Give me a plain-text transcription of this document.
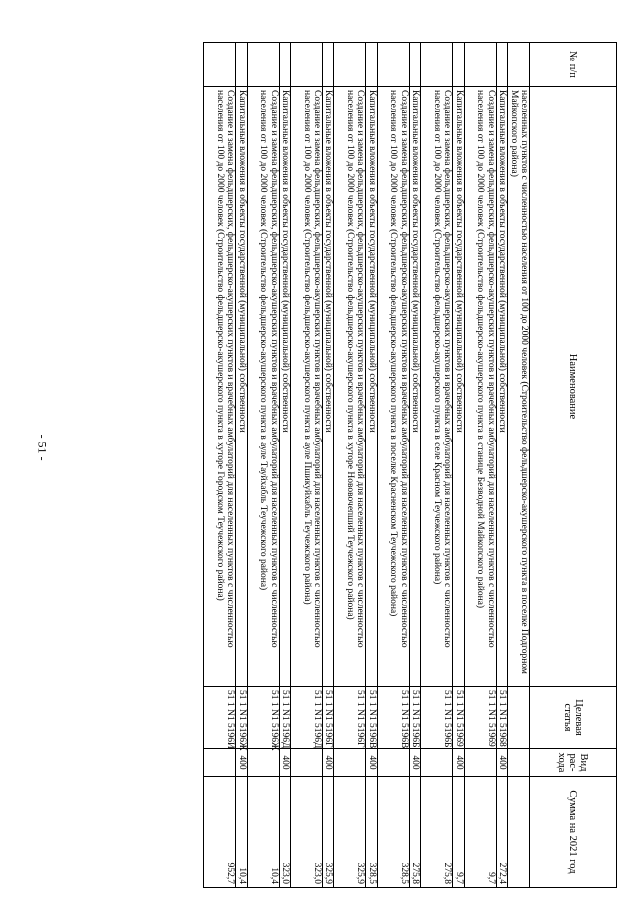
- 51 -
№ п/п	Наименование	Целевая статья	Вид рас- хода	Сумма на 2021 год
	населенных пунктов с численностью населения от 100 до 2000 человек (Строительство фельдшерско-акушерского пункта в поселке Подгорном Майкопского района)			
	Капитальные вложения в объекты государственной (муниципальной) собственности	51 1 N1 51968	400	272,4
	Создание и замена фельдшерских, фельдшерско-акушерских пунктов и врачебных амбулаторий для населенных пунктов с численностью населения от 100 до 2000 человек (Строительство фельдшерско-акушерского пункта в станице Безводной Майкопского района)	51 1 N1 51969		9,7
	Капитальные вложения в объекты государственной (муниципальной) собственности	51 1 N1 51969	400	9,7
	Создание и замена фельдшерских, фельдшерско-акушерских пунктов и врачебных амбулаторий для населенных пунктов с численностью населения от 100 до 2000 человек (Строительство фельдшерско-акушерского пункта в селе Красном Теучежского района)	51 1 N1 5196Б		275,8
	Капитальные вложения в объекты государственной (муниципальной) собственности	51 1 N1 5196Б	400	275,8
	Создание и замена фельдшерских, фельдшерско-акушерских пунктов и врачебных амбулаторий для населенных пунктов с численностью населения от 100 до 2000 человек (Строительство фельдшерско-акушерского пункта в поселке Красненском Теучежского района)	51 1 N1 5196В		328,5
	Капитальные вложения в объекты государственной (муниципальной) собственности	51 1 N1 5196В	400	328,5
	Создание и замена фельдшерских, фельдшерско-акушерских пунктов и врачебных амбулаторий для населенных пунктов с численностью населения от 100 до 2000 человек (Строительство фельдшерско-акушерского пункта в хуторе Нововочепший Теучежского района)	51 1 N1 5196Г		325,9
	Капитальные вложения в объекты государственной (муниципальной) собственности	51 1 N1 5196Г	400	325,9
	Создание и замена фельдшерских, фельдшерско-акушерских пунктов и врачебных амбулаторий для населенных пунктов с численностью населения от 100 до 2000 человек (Строительство фельдшерско-акушерского пункта в ауле Пшикуйхабль Теучежского района)	51 1 N1 5196Д		323,0
	Капитальные вложения в объекты государственной (муниципальной) собственности	51 1 N1 5196Д	400	323,0
	Создание и замена фельдшерских, фельдшерско-акушерских пунктов и врачебных амбулаторий для населенных пунктов с численностью населения от 100 до 2000 человек (Строительство фельдшерско-акушерского пункта в ауле Тауйхабль Теучежского района)	51 1 N1 5196Ж		10,4
	Капитальные вложения в объекты государственной (муниципальной) собственности	51 1 N1 5196Ж	400	10,4
	Создание и замена фельдшерских, фельдшерско-акушерских пунктов и врачебных амбулаторий для населенных пунктов с численностью населения от 100 до 2000 человек (Строительство фельдшерско-акушерского пункта в хуторе Городском Теучежского района)	51 1 N1 5196И		952,7
